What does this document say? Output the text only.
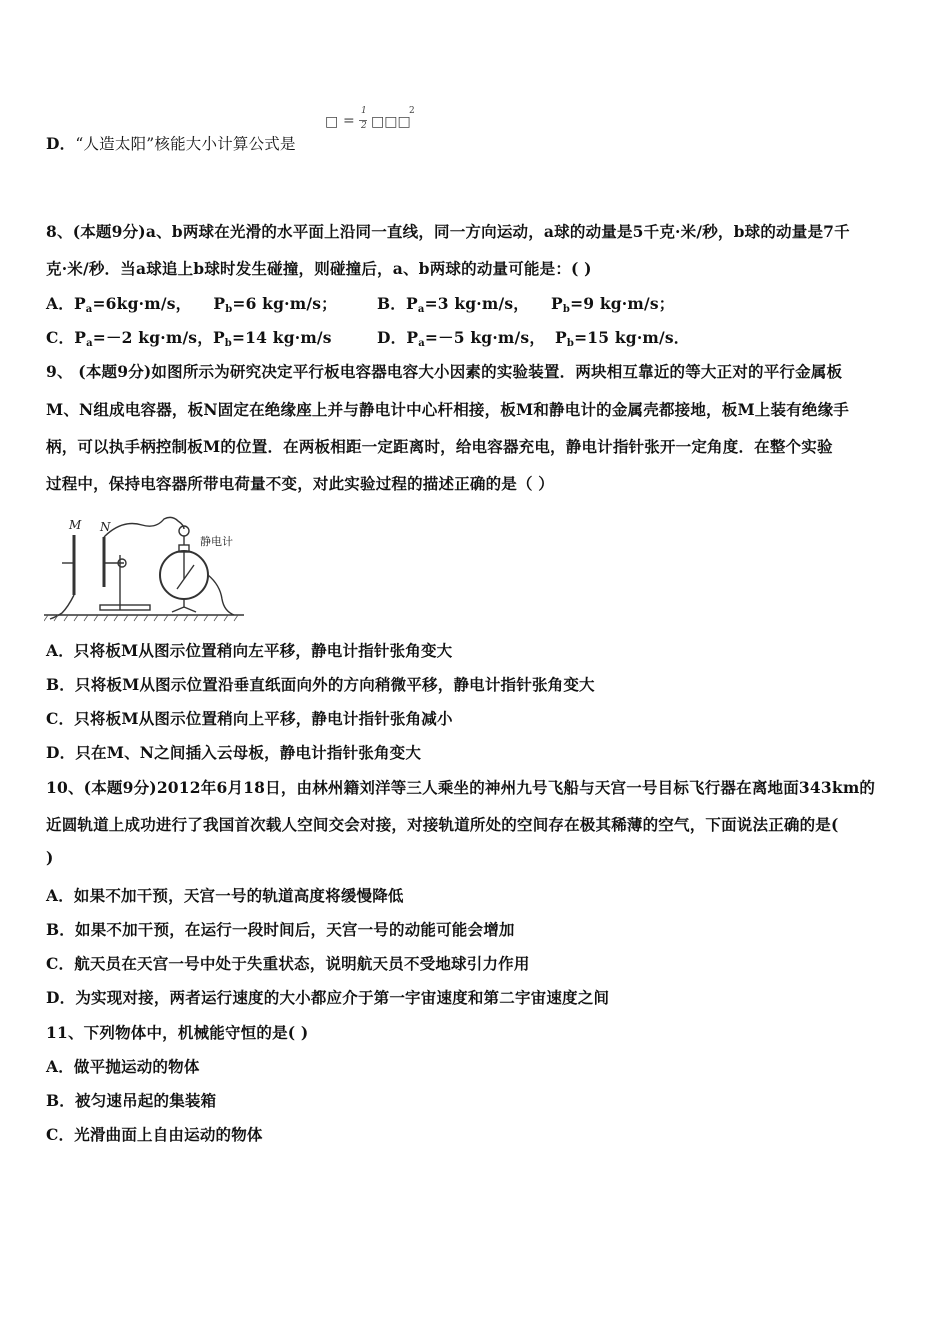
D．“人造太阳”核能大小计算公式是
□ =
1
2 □□□
2
8、(本题9分)a、b两球在光滑的水平面上沿同一直线，同一方向运动，a球的动量是5千克·米/秒，b球的动量是7千
克·米/秒．当a球追上b球时发生碰撞，则碰撞后，a、b两球的动量可能是：( )
A．$P_a=6kg\cdot m/s$， $P_b=6$ kg·m/s；	B．$P_a=3$ kg·m/s， $P_b=9$ kg·m/s；
C．$P_a=-2$ kg·m/s，$P_b=14$ kg·m/s	D．$P_a=-5$ kg·m/s， $P_b=15$ kg·m/s．
9、 (本题9分)如图所示为研究决定平行板电容器电容大小因素的实验装置．两块相互靠近的等大正对的平行金属板
M、N组成电容器，板N固定在绝缘座上并与静电计中心杆相接，板M和静电计的金属壳都接地，板M上装有绝缘手
柄，可以执手柄控制板M的位置．在两板相距一定距离时，给电容器充电，静电计指针张开一定角度．在整个实验
过程中，保持电容器所带电荷量不变，对此实验过程的描述正确的是（ ）
M N
静电计
A．只将板M从图示位置稍向左平移，静电计指针张角变大
B．只将板M从图示位置沿垂直纸面向外的方向稍微平移，静电计指针张角变大
C．只将板M从图示位置稍向上平移，静电计指针张角减小
D．只在M、N之间插入云母板，静电计指针张角变大
10、(本题9分)2012年6月18日，由林州籍刘洋等三人乘坐的神州九号飞船与天宫一号目标飞行器在离地面343km的
近圆轨道上成功进行了我国首次载人空间交会对接，对接轨道所处的空间存在极其稀薄的空气，下面说法正确的是(
)
A．如果不加干预，天宫一号的轨道高度将缓慢降低
B．如果不加干预，在运行一段时间后，天宫一号的动能可能会增加
C．航天员在天宫一号中处于失重状态，说明航天员不受地球引力作用
D．为实现对接，两者运行速度的大小都应介于第一宇宙速度和第二宇宙速度之间
11、下列物体中，机械能守恒的是( )
A．做平抛运动的物体
B．被匀速吊起的集装箱
C．光滑曲面上自由运动的物体
